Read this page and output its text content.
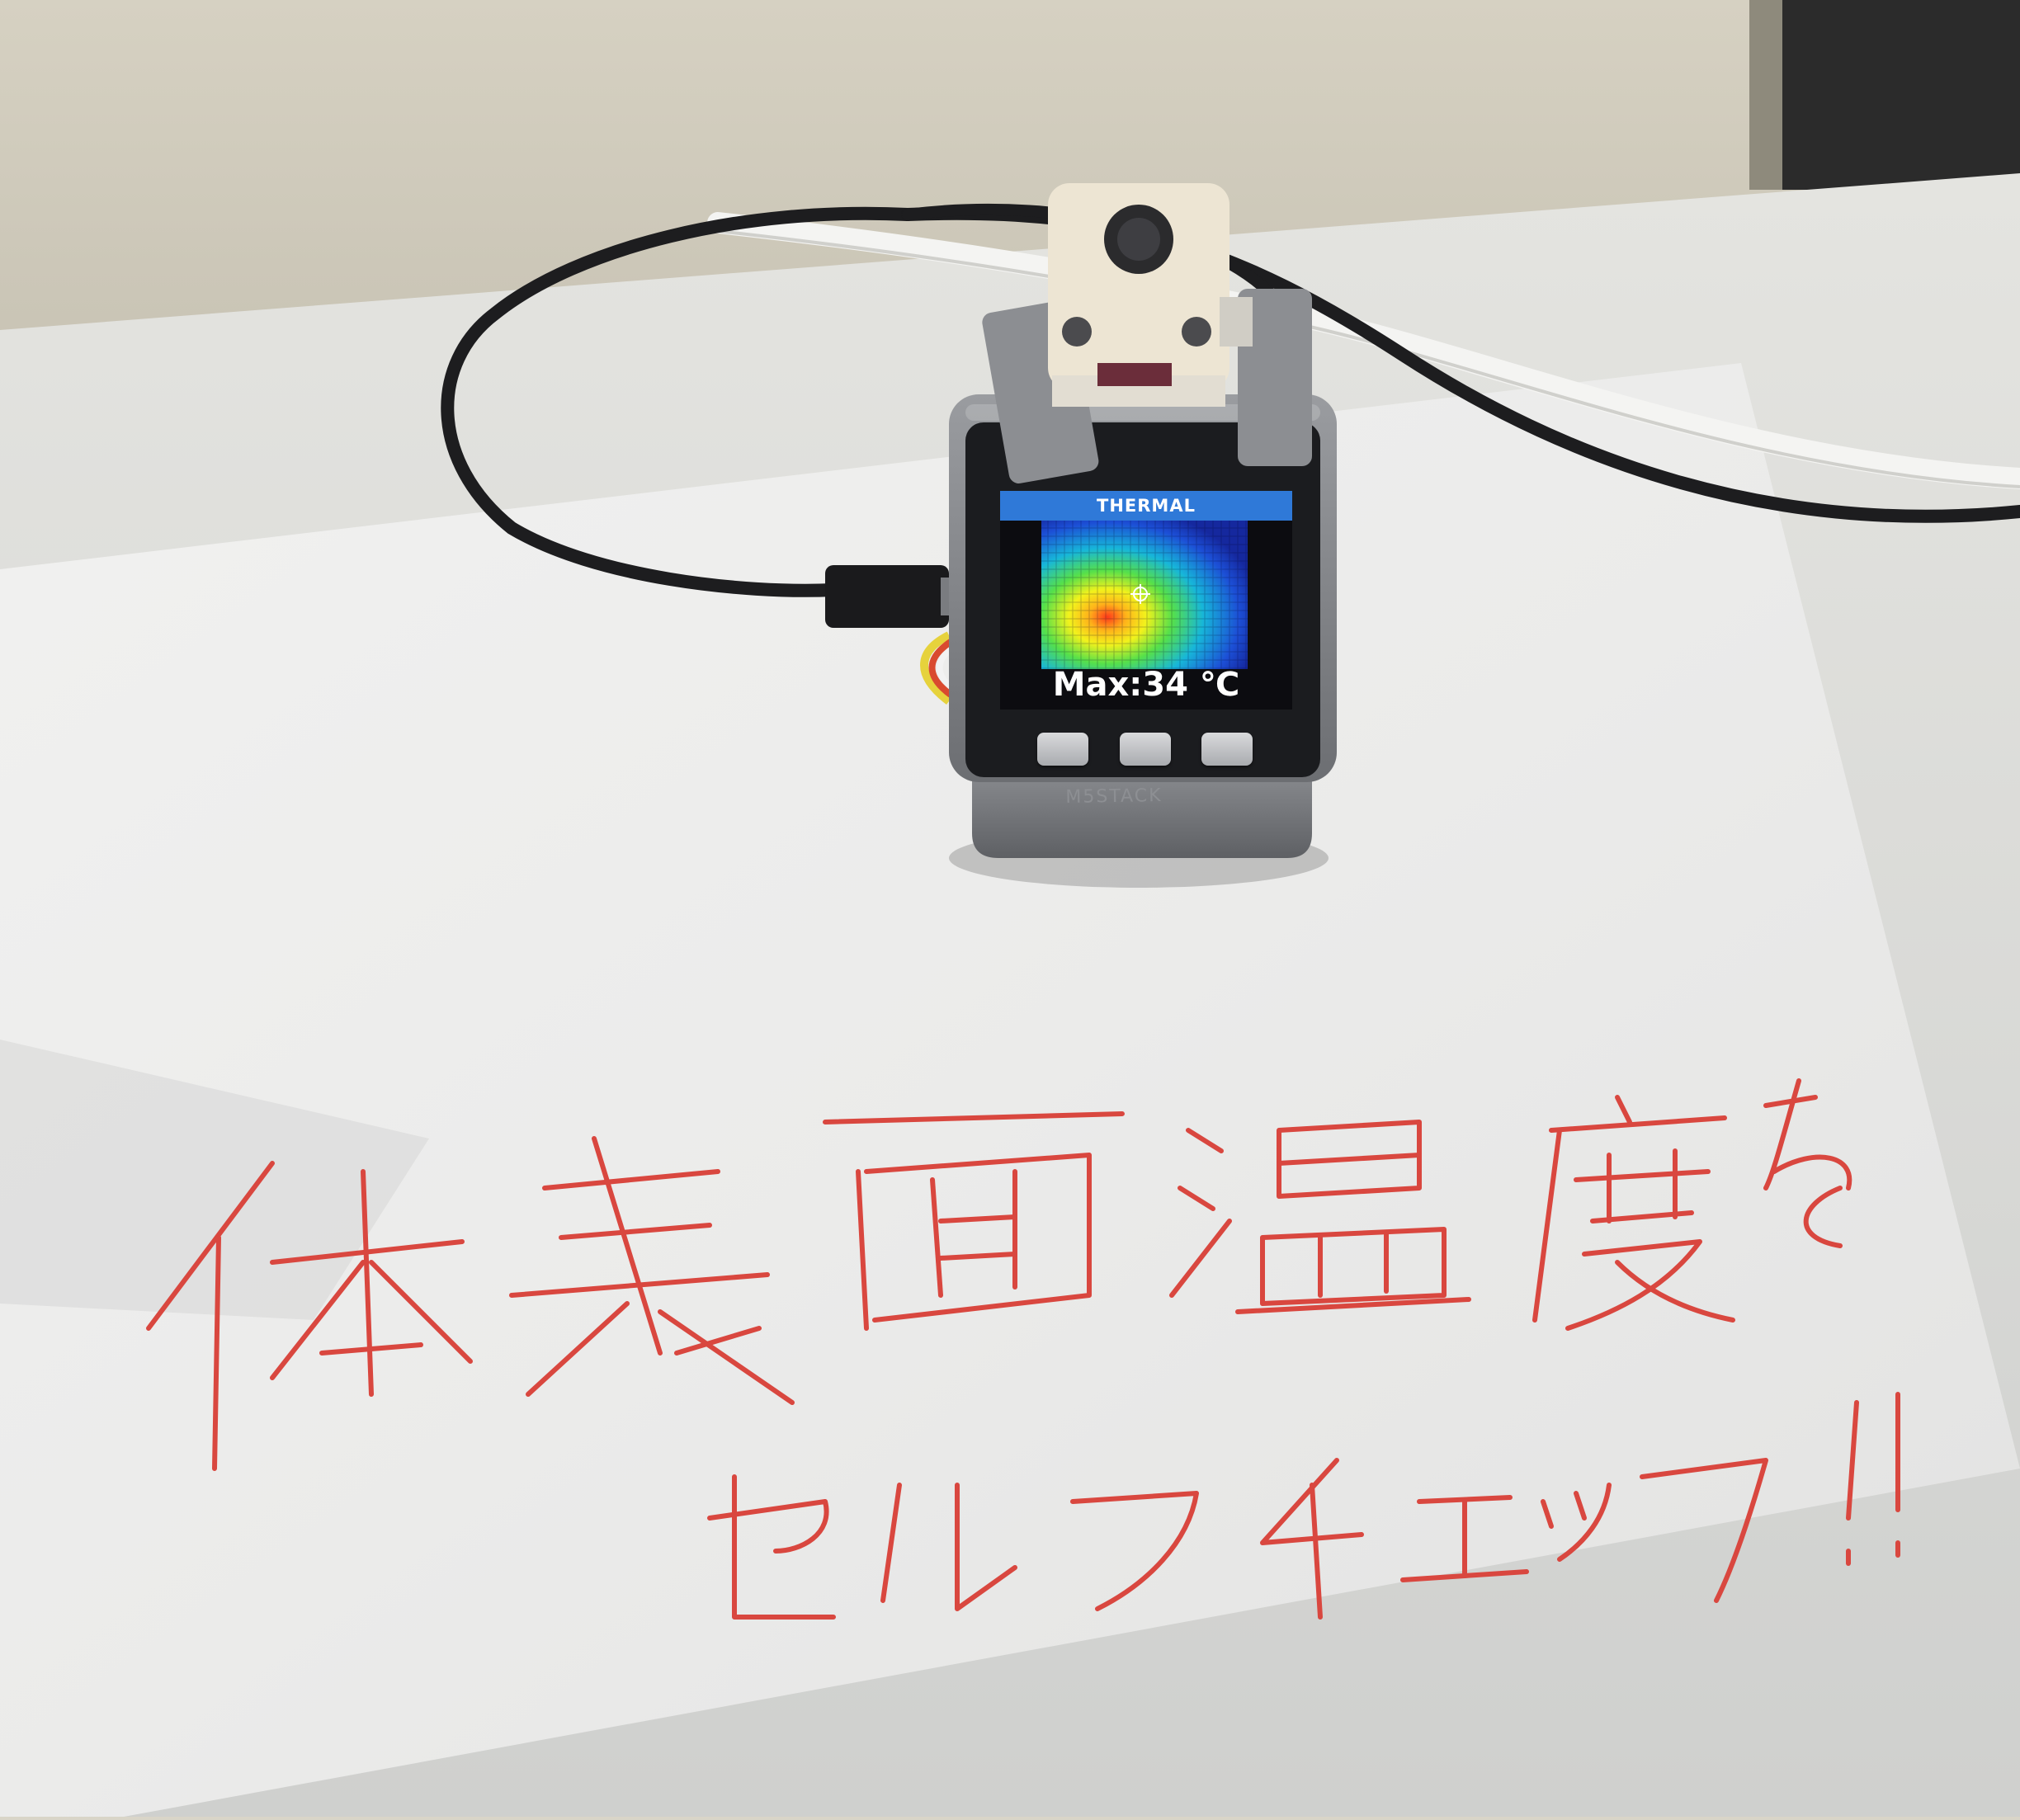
THERMAL
Max:34 ℃
M5STACK
